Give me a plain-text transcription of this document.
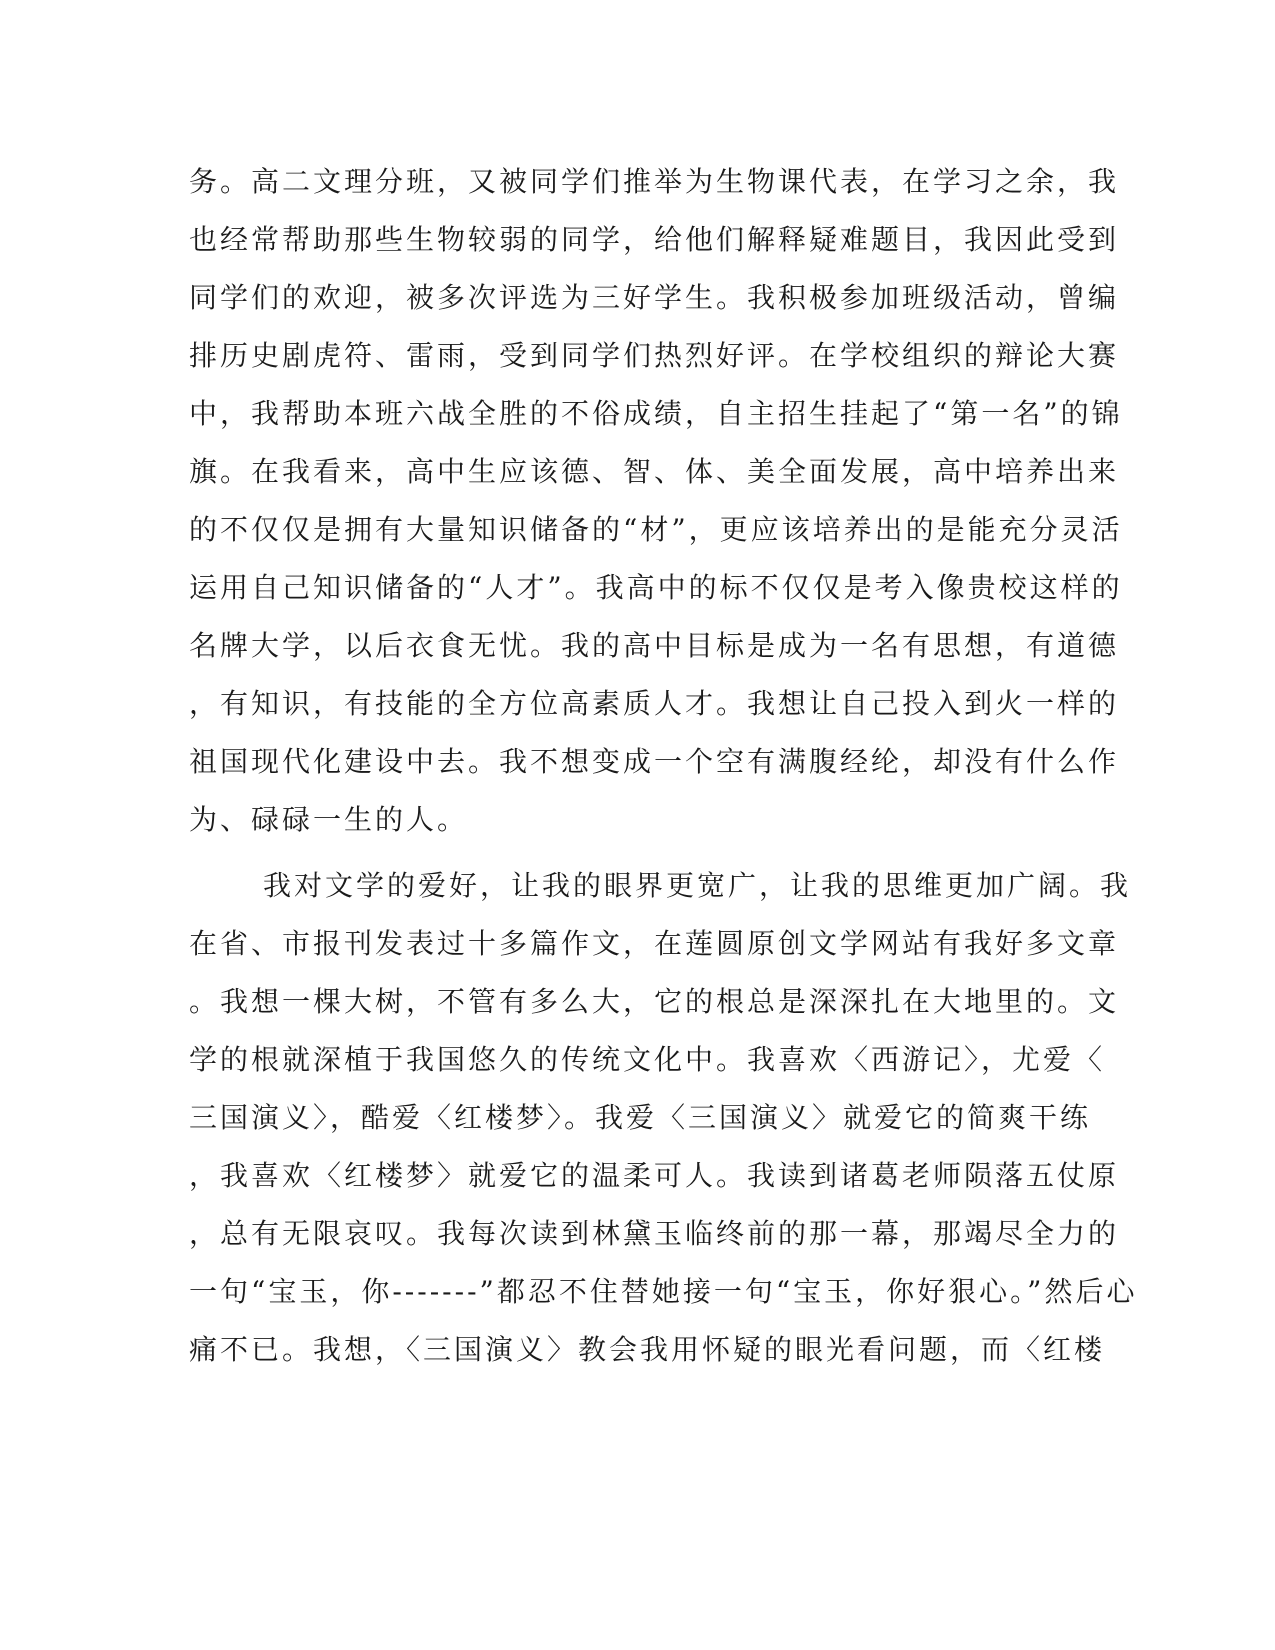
务。高二文理分班，又被同学们推举为生物课代表，在学习之余，我
也经常帮助那些生物较弱的同学，给他们解释疑难题目，我因此受到
同学们的欢迎，被多次评选为三好学生。我积极参加班级活动，曾编
排历史剧虎符、雷雨，受到同学们热烈好评。在学校组织的辩论大赛
中，我帮助本班六战全胜的不俗成绩，自主招生挂起了“第一名”的锦
旗。在我看来，高中生应该德、智、体、美全面发展，高中培养出来
的不仅仅是拥有大量知识储备的“材”，更应该培养出的是能充分灵活
运用自己知识储备的“人才”。我高中的标不仅仅是考入像贵校这样的
名牌大学，以后衣食无忧。我的高中目标是成为一名有思想，有道德
，有知识，有技能的全方位高素质人才。我想让自己投入到火一样的
祖国现代化建设中去。我不想变成一个空有满腹经纶，却没有什么作
为、碌碌一生的人。
我对文学的爱好，让我的眼界更宽广，让我的思维更加广阔。我
在省、市报刊发表过十多篇作文，在莲圆原创文学网站有我好多文章
。我想一棵大树，不管有多么大，它的根总是深深扎在大地里的。文
学的根就深植于我国悠久的传统文化中。我喜欢〈西游记〉，尤爱〈
三国演义〉，酷爱〈红楼梦〉。我爱〈三国演义〉就爱它的简爽干练
，我喜欢〈红楼梦〉就爱它的温柔可人。我读到诸葛老师陨落五仗原
，总有无限哀叹。我每次读到林黛玉临终前的那一幕，那竭尽全力的
一句“宝玉，你-------”都忍不住替她接一句“宝玉，你好狠心。”然后心
痛不已。我想，〈三国演义〉教会我用怀疑的眼光看问题，而〈红楼
